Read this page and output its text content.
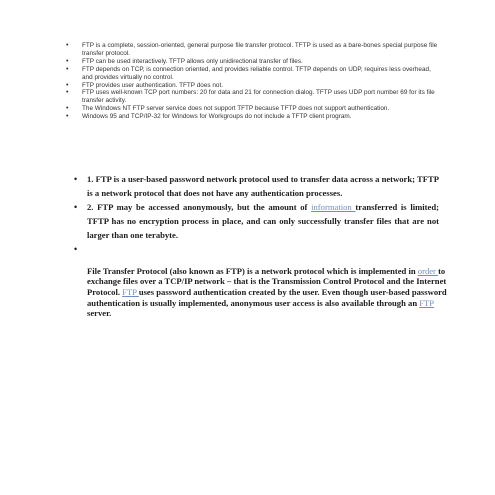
• FTP is a complete, session-oriented, general purpose file transfer protocol. TFTP is used as a bare-bones special purpose file transfer protocol.
• FTP can be used interactively. TFTP allows only unidirectional transfer of files.
• FTP depends on TCP, is connection oriented, and provides reliable control. TFTP depends on UDP, requires less overhead, and provides virtually no control.
• FTP provides user authentication. TFTP does not.
• FTP uses well-known TCP port numbers: 20 for data and 21 for connection dialog. TFTP uses UDP port number 69 for its file transfer activity.
• The Windows NT FTP server service does not support TFTP because TFTP does not support authentication.
• Windows 95 and TCP/IP-32 for Windows for Workgroups do not include a TFTP client program.
• 1. FTP is a user-based password network protocol used to transfer data across a network; TFTP is a network protocol that does not have any authentication processes.
• 2. FTP may be accessed anonymously, but the amount of information transferred is limited; TFTP has no encryption process in place, and can only successfully transfer files that are not larger than one terabyte.
•

File Transfer Protocol (also known as FTP) is a network protocol which is implemented in order to exchange files over a TCP/IP network – that is the Transmission Control Protocol and the Internet Protocol. FTP uses password authentication created by the user. Even though user-based password authentication is usually implemented, anonymous user access is also available through an FTP server.
